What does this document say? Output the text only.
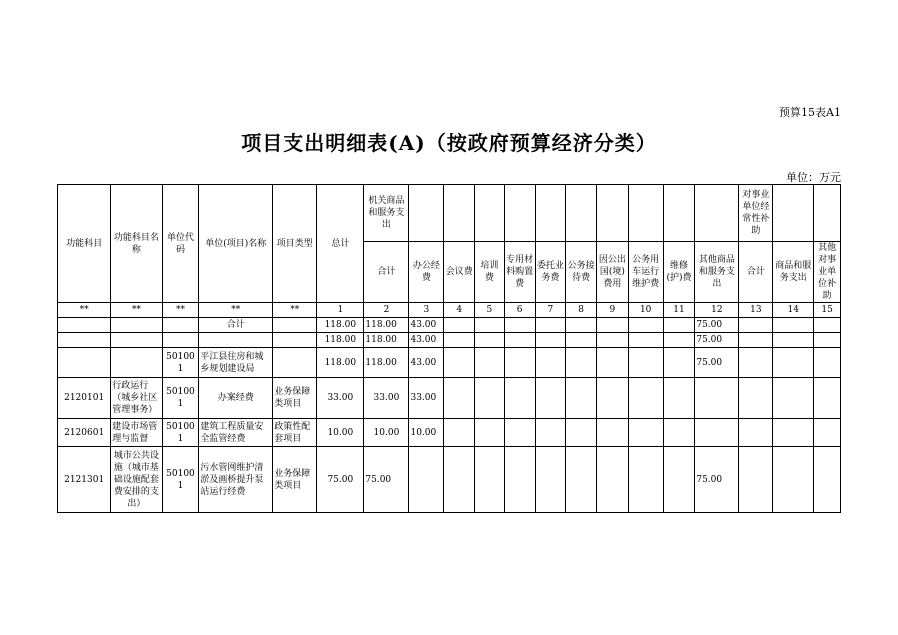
预算15表A1
项目支出明细表(A)（按政府预算经济分类）
单位：万元
功能科目	功能科目名称	单位代码	单位(项目)名称	项目类型	总计	机关商品和服务支出											对事业单位经常性补助		
						合计	办公经费	会议费	培训费	专用材料购置费	委托业务费	公务接待费	因公出国(境)费用	公务用车运行维护费	维修(护)费	其他商品和服务支出	合计	商品和服务支出	其他对事业单位补助
**	**	**	**	**	1	2	3	4	5	6	7	8	9	10	11	12	13	14	15
			合计		118.00	118.00	43.00									75.00			
					118.00	118.00	43.00									75.00			
		501001	平江县住房和城乡规划建设局		118.00	118.00	43.00									75.00			
2120101	行政运行（城乡社区管理事务）	501001	办案经费	业务保障类项目	33.00	33.00	33.00												
2120601	建设市场管理与监督	501001	建筑工程质量安全监管经费	政策性配套项目	10.00	10.00	10.00												
2121301	城市公共设施（城市基础设施配套费安排的支出）	501001	污水管网维护清淤及画桥提升泵站运行经费	业务保障类项目	75.00	75.00										75.00			
